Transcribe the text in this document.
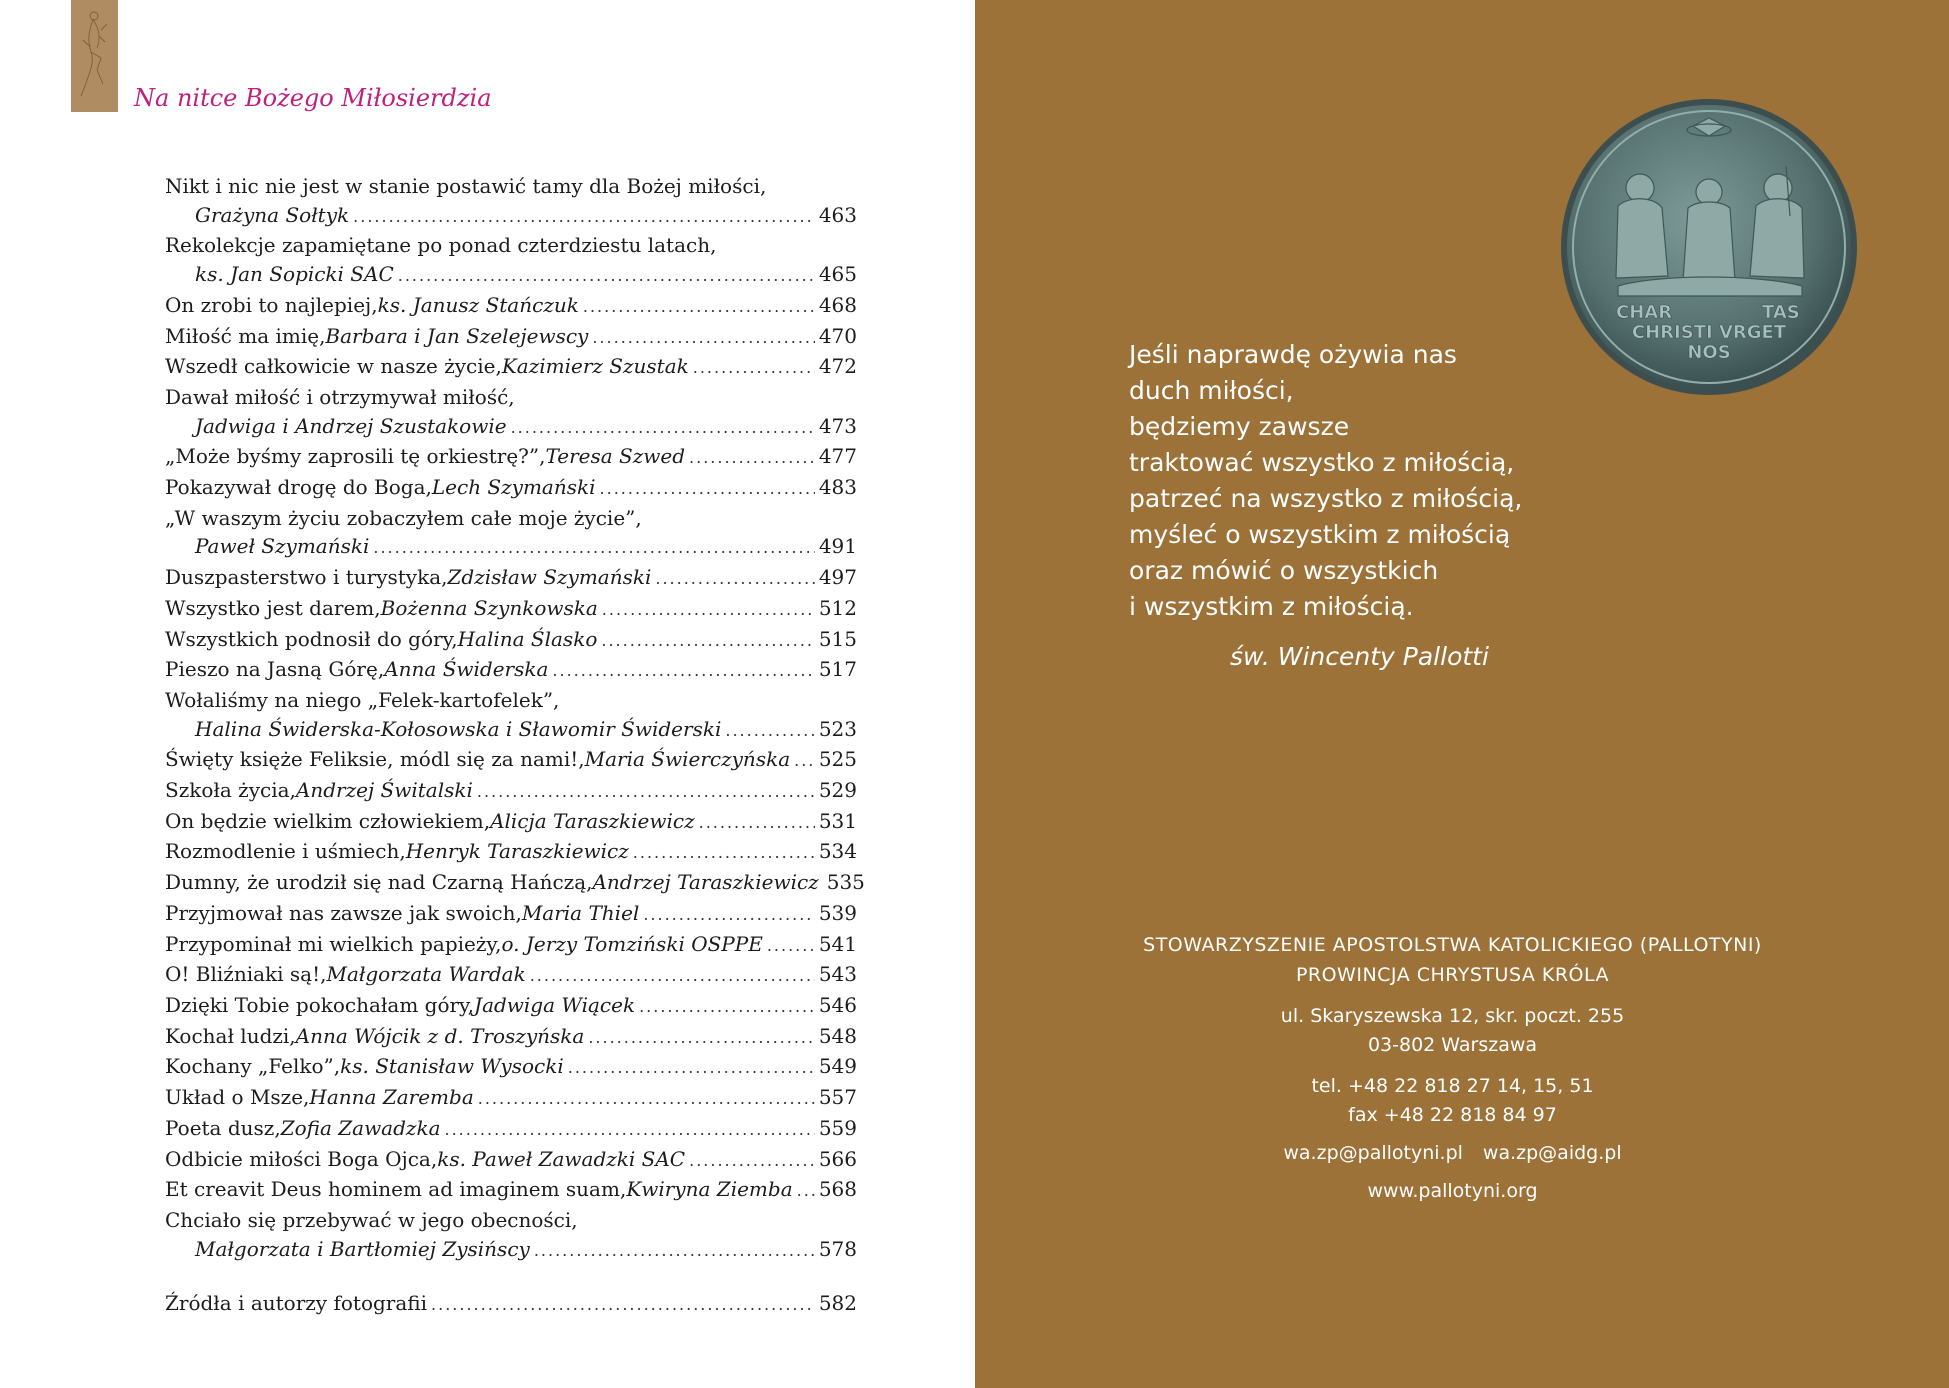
Na nitce Bożego Miłosierdzia
Nikt i nic nie jest w stanie postawić tamy dla Bożej miłości,
Grażyna Sołtyk .....	463
Rekolekcje zapamiętane po ponad czterdziestu latach,
ks. Jan Sopicki SAC .....	465
On zrobi to najlepiej, ks. Janusz Stańczuk .....	468
Miłość ma imię, Barbara i Jan Szelejewscy .....	470
Wszedł całkowicie w nasze życie, Kazimierz Szustak .....	472
Dawał miłość i otrzymywał miłość,
Jadwiga i Andrzej Szustakowie .....	473
„Może byśmy zaprosili tę orkiestrę?”, Teresa Szwed .....	477
Pokazywał drogę do Boga, Lech Szymański .....	483
„W waszym życiu zobaczyłem całe moje życie”,
Paweł Szymański .....	491
Duszpasterstwo i turystyka, Zdzisław Szymański .....	497
Wszystko jest darem, Bożenna Szynkowska .....	512
Wszystkich podnosił do góry, Halina Ślasko .....	515
Pieszo na Jasną Górę, Anna Świderska .....	517
Wołaliśmy na niego „Felek-kartofelek”,
Halina Świderska-Kołosowska i Sławomir Świderski .....	523
Święty księże Feliksie, módl się za nami!, Maria Świerczyńska ..... 525
Szkoła życia, Andrzej Świtalski .....	529
On będzie wielkim człowiekiem, Alicja Taraszkiewicz .....	531
Rozmodlenie i uśmiech, Henryk Taraszkiewicz .....	534
Dumny, że urodził się nad Czarną Hańczą, Andrzej Taraszkiewicz 535
Przyjmował nas zawsze jak swoich, Maria Thiel .....	539
Przypominał mi wielkich papieży, o. Jerzy Tomziński OSPPE .....	541
O! Bliźniaki są!, Małgorzata Wardak .....	543
Dzięki Tobie pokochałam góry, Jadwiga Wiącek .....	546
Kochał ludzi, Anna Wójcik z d. Troszyńska .....	548
Kochany „Felko”, ks. Stanisław Wysocki .....	549
Układ o Msze, Hanna Zaremba .....	557
Poeta dusz, Zofia Zawadzka .....	559
Odbicie miłości Boga Ojca, ks. Paweł Zawadzki SAC .....	566
Et creavit Deus hominem ad imaginem suam, Kwiryna Ziemba ..... 568
Chciało się przebywać w jego obecności,
Małgorzata i Bartłomiej Zysińscy .....	578
Źródła i autorzy fotografii .....	582
CHAR	TAS
CHRISTI VRGET
NOS
Jeśli naprawdę ożywia nas
duch miłości,
będziemy zawsze
traktować wszystko z miłością,
patrzeć na wszystko z miłością,
myśleć o wszystkim z miłością
oraz mówić o wszystkich
i wszystkim z miłością.
św. Wincenty Pallotti
STOWARZYSZENIE APOSTOLSTWA KATOLICKIEGO (PALLOTYNI)
PROWINCJA CHRYSTUSA KRÓLA
ul. Skaryszewska 12, skr. poczt. 255
03-802 Warszawa
tel. +48 22 818 27 14, 15, 51
fax +48 22 818 84 97
wa.zp@pallotyni.pl wa.zp@aidg.pl
www.pallotyni.org
